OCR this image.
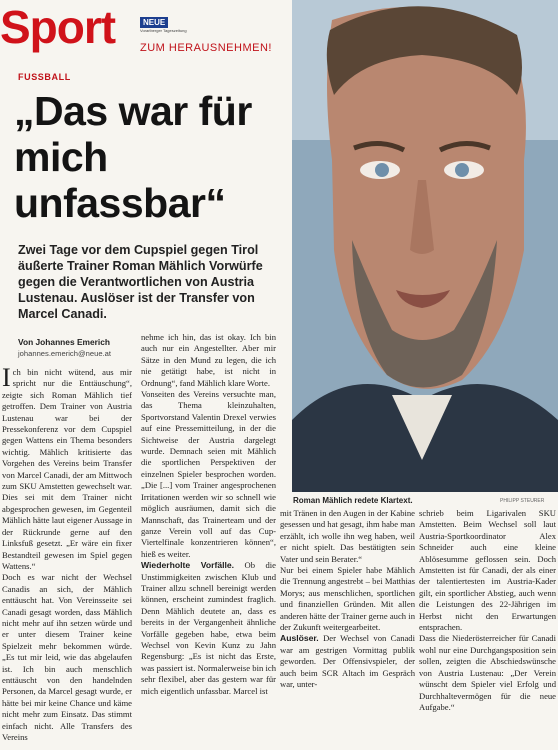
Sport	NEUE
Vorarlberger Tageszeitung
ZUM HERAUSNEHMEN!
FUSSBALL
„Das war für mich unfassbar“
Zwei Tage vor dem Cupspiel gegen Tirol äußerte Trainer Roman Mählich Vorwürfe gegen die Verantwortlichen von Austria Lustenau. Auslöser ist der Transfer von Marcel Canadi.
Roman Mählich redete Klartext.	PHILIPP STEURER
Von Johannes Emerich
johannes.emerich@neue.at

Ich bin nicht wütend, aus mir spricht nur die Enttäuschung“, zeigte sich Roman Mählich tief getroffen. Dem Trainer von Austria Lustenau war bei der Pressekonferenz vor dem Cupspiel gegen Wattens ein Thema besonders wichtig. Mählich kritisierte das Vorgehen des Vereins beim Transfer von Marcel Canadi, der am Mittwoch zum SKU Amstetten gewechselt war. Dies sei mit dem Trainer nicht abgesprochen gewesen, im Gegenteil Mählich hätte laut eigener Aussage in der Rückrunde gerne auf den Linksfuß gesetzt. „Er wäre ein fixer Bestandteil gewesen im Spiel gegen Wattens.“

Doch es war nicht der Wechsel Canadis an sich, der Mählich enttäuscht hat. Von Vereinsseite sei Canadi gesagt worden, dass Mählich nicht mehr auf ihn setzen würde und er unter diesem Trainer keine Spielzeit mehr bekommen würde. „Es tut mir leid, wie das abgelaufen ist. Ich bin auch menschlich enttäuscht von den handelnden Personen, da Marcel gesagt wurde, er hätte bei mir keine Chance und käme nicht mehr zum Einsatz. Das stimmt einfach nicht. Alle Transfers des Vereins

nehme ich hin, das ist okay. Ich bin auch nur ein Angestellter. Aber mir Sätze in den Mund zu legen, die ich nie getätigt habe, ist nicht in Ordnung“, fand Mählich klare Worte.

Vonseiten des Vereins versuchte man, das Thema kleinzuhalten, Sportvorstand Valentin Drexel verwies auf eine Pressemitteilung, in der die Sichtweise der Austria dargelegt wurde. Demnach seien mit Mählich die sportlichen Perspektiven der einzelnen Spieler besprochen worden. „Die [...] vom Trainer angesprochenen Irritationen werden wir so schnell wie möglich ausräumen, damit sich die Mannschaft, das Trainerteam und der ganze Verein voll auf das Cup-Viertelfinale konzentrieren können“, hieß es weiter.

Wiederholte Vorfälle. Ob die Unstimmigkeiten zwischen Klub und Trainer allzu schnell bereinigt werden können, erscheint zumindest fraglich. Denn Mählich deutete an, dass es bereits in der Vergangenheit ähnliche Vorfälle gegeben habe, etwa beim Wechsel von Kevin Kunz zu Jahn Regensburg: „Es ist nicht das Erste, was passiert ist. Normalerweise bin ich sehr flexibel, aber das gestern war für mich eigentlich unfassbar. Marcel ist

mit Tränen in den Augen in der Kabine gesessen und hat gesagt, ihm habe man erzählt, ich wolle ihn weg haben, weil er nicht spielt. Das bestätigten sein Vater und sein Berater.“

Nur bei einem Spieler habe Mählich die Trennung angestrebt – bei Matthias Morys; aus menschlichen, sportlichen und finanziellen Gründen. Mit allen anderen hätte der Trainer gerne auch in der Zukunft weitergearbeitet.

Auslöser. Der Wechsel von Canadi war am gestrigen Vormittag publik geworden. Der Offensivspieler, der auch beim SCR Altach im Gespräch war, unter-

schrieb beim Ligarivalen SKU Amstetten. Beim Wechsel soll laut Austria-Sportkoordinator Alex Schneider auch eine kleine Ablösesumme geflossen sein. Doch Amstetten ist für Canadi, der als einer der talentiertesten im Austria-Kader gilt, ein sportlicher Abstieg, auch wenn die Leistungen des 22-Jährigen im Herbst nicht den Erwartungen entsprachen.

Dass die Niederösterreicher für Canadi wohl nur eine Durchgangsposition sein sollen, zeigten die Abschiedswünsche von Austria Lustenau: „Der Verein wünscht dem Spieler viel Erfolg und Durchhaltevermögen für die neue Aufgabe.“
